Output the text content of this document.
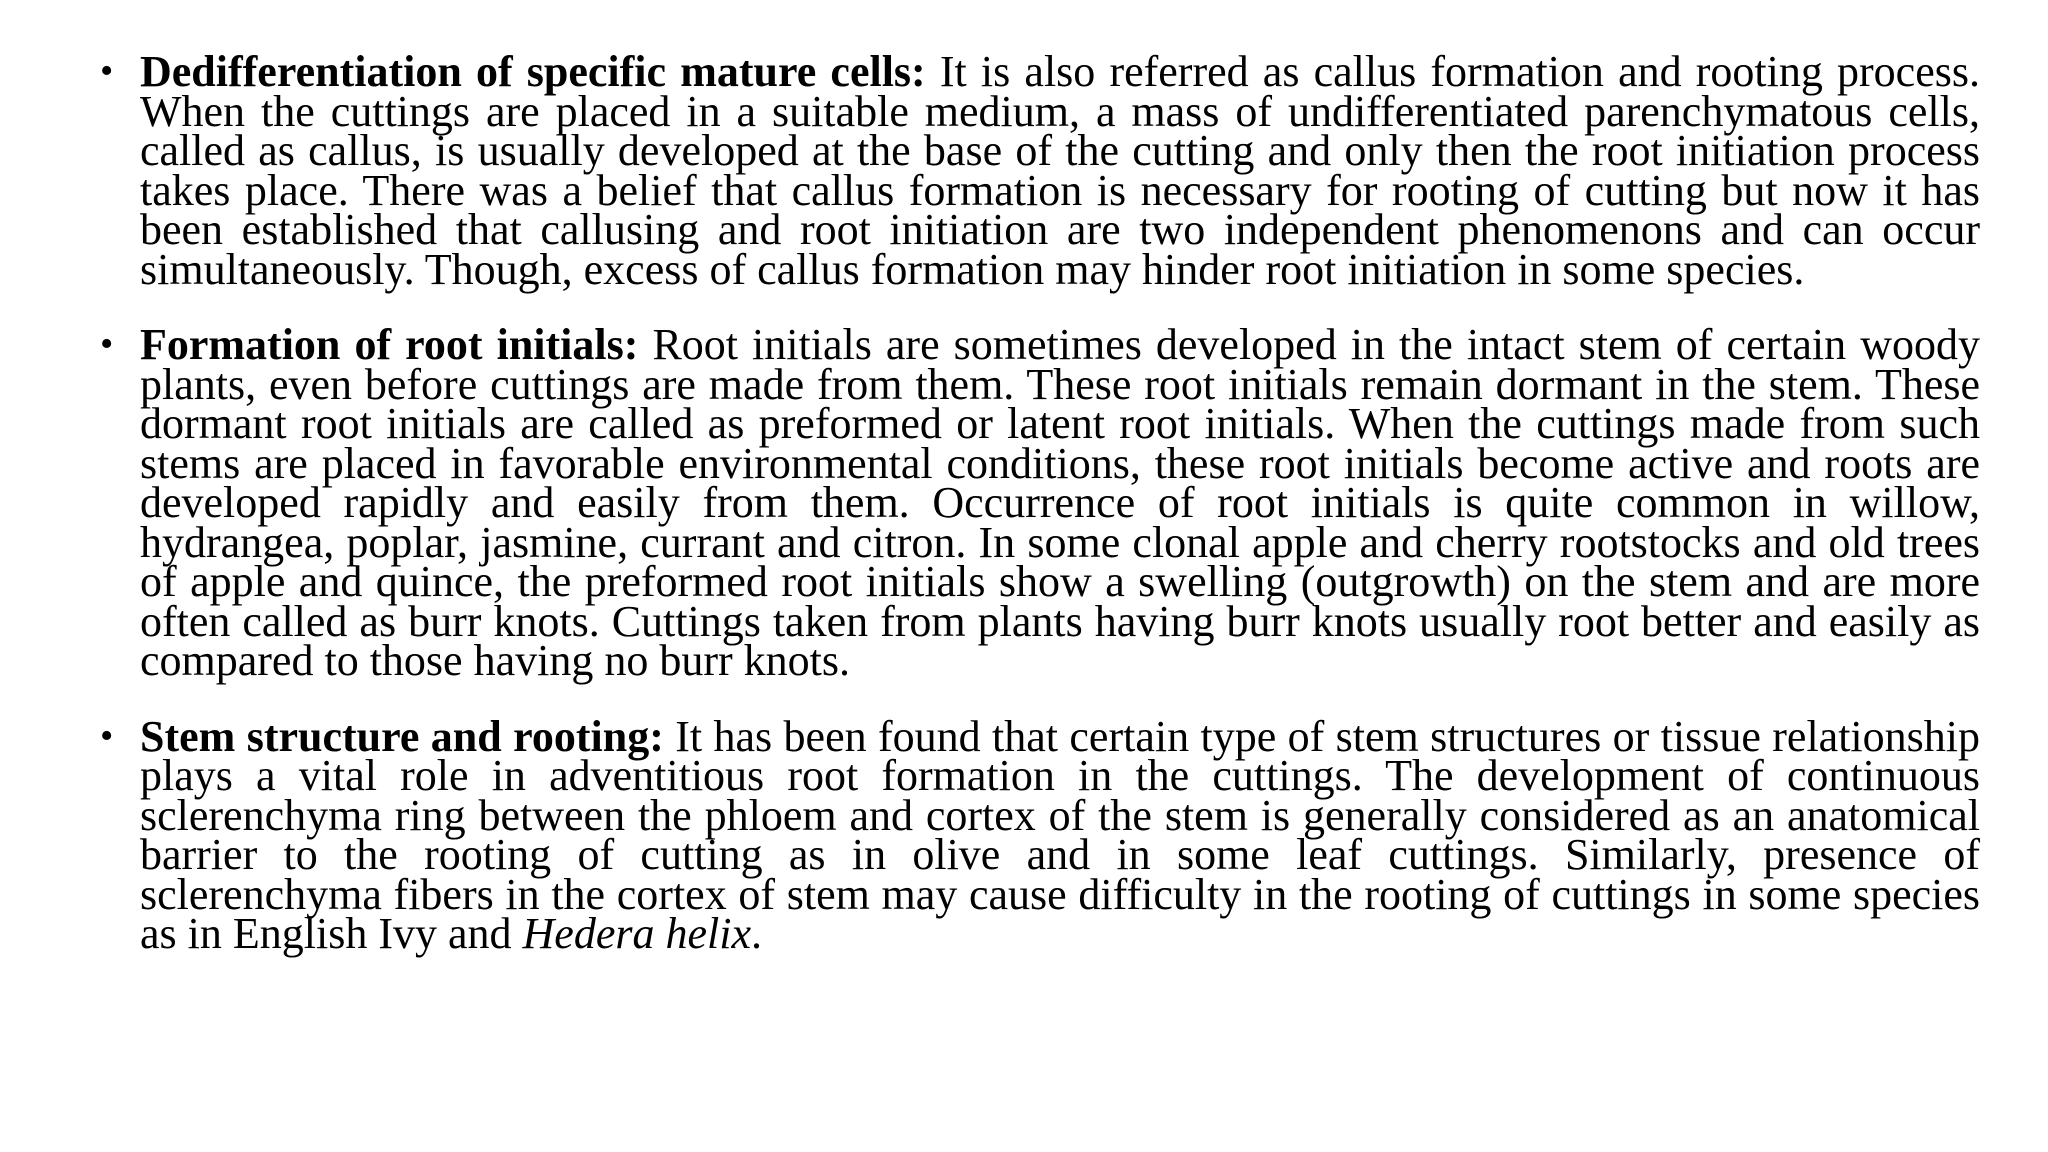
• Dedifferentiation of specific mature cells: It is also referred as callus formation and rooting process. When the cuttings are placed in a suitable medium, a mass of undifferentiated parenchymatous cells, called as callus, is usually developed at the base of the cutting and only then the root initiation process takes place. There was a belief that callus formation is necessary for rooting of cutting but now it has been established that callusing and root initiation are two independent phenomenons and can occur simultaneously. Though, excess of callus formation may hinder root initiation in some species.
• Formation of root initials: Root initials are sometimes developed in the intact stem of certain woody plants, even before cuttings are made from them. These root initials remain dormant in the stem. These dormant root initials are called as preformed or latent root initials. When the cuttings made from such stems are placed in favorable environmental conditions, these root initials become active and roots are developed rapidly and easily from them. Occurrence of root initials is quite common in willow, hydrangea, poplar, jasmine, currant and citron. In some clonal apple and cherry rootstocks and old trees of apple and quince, the preformed root initials show a swelling (outgrowth) on the stem and are more often called as burr knots. Cuttings taken from plants having burr knots usually root better and easily as compared to those having no burr knots.
• Stem structure and rooting: It has been found that certain type of stem structures or tissue relationship plays a vital role in adventitious root formation in the cuttings. The development of continuous sclerenchyma ring between the phloem and cortex of the stem is generally considered as an anatomical barrier to the rooting of cutting as in olive and in some leaf cuttings. Similarly, presence of sclerenchyma fibers in the cortex of stem may cause difficulty in the rooting of cuttings in some species as in English Ivy and Hedera helix.
